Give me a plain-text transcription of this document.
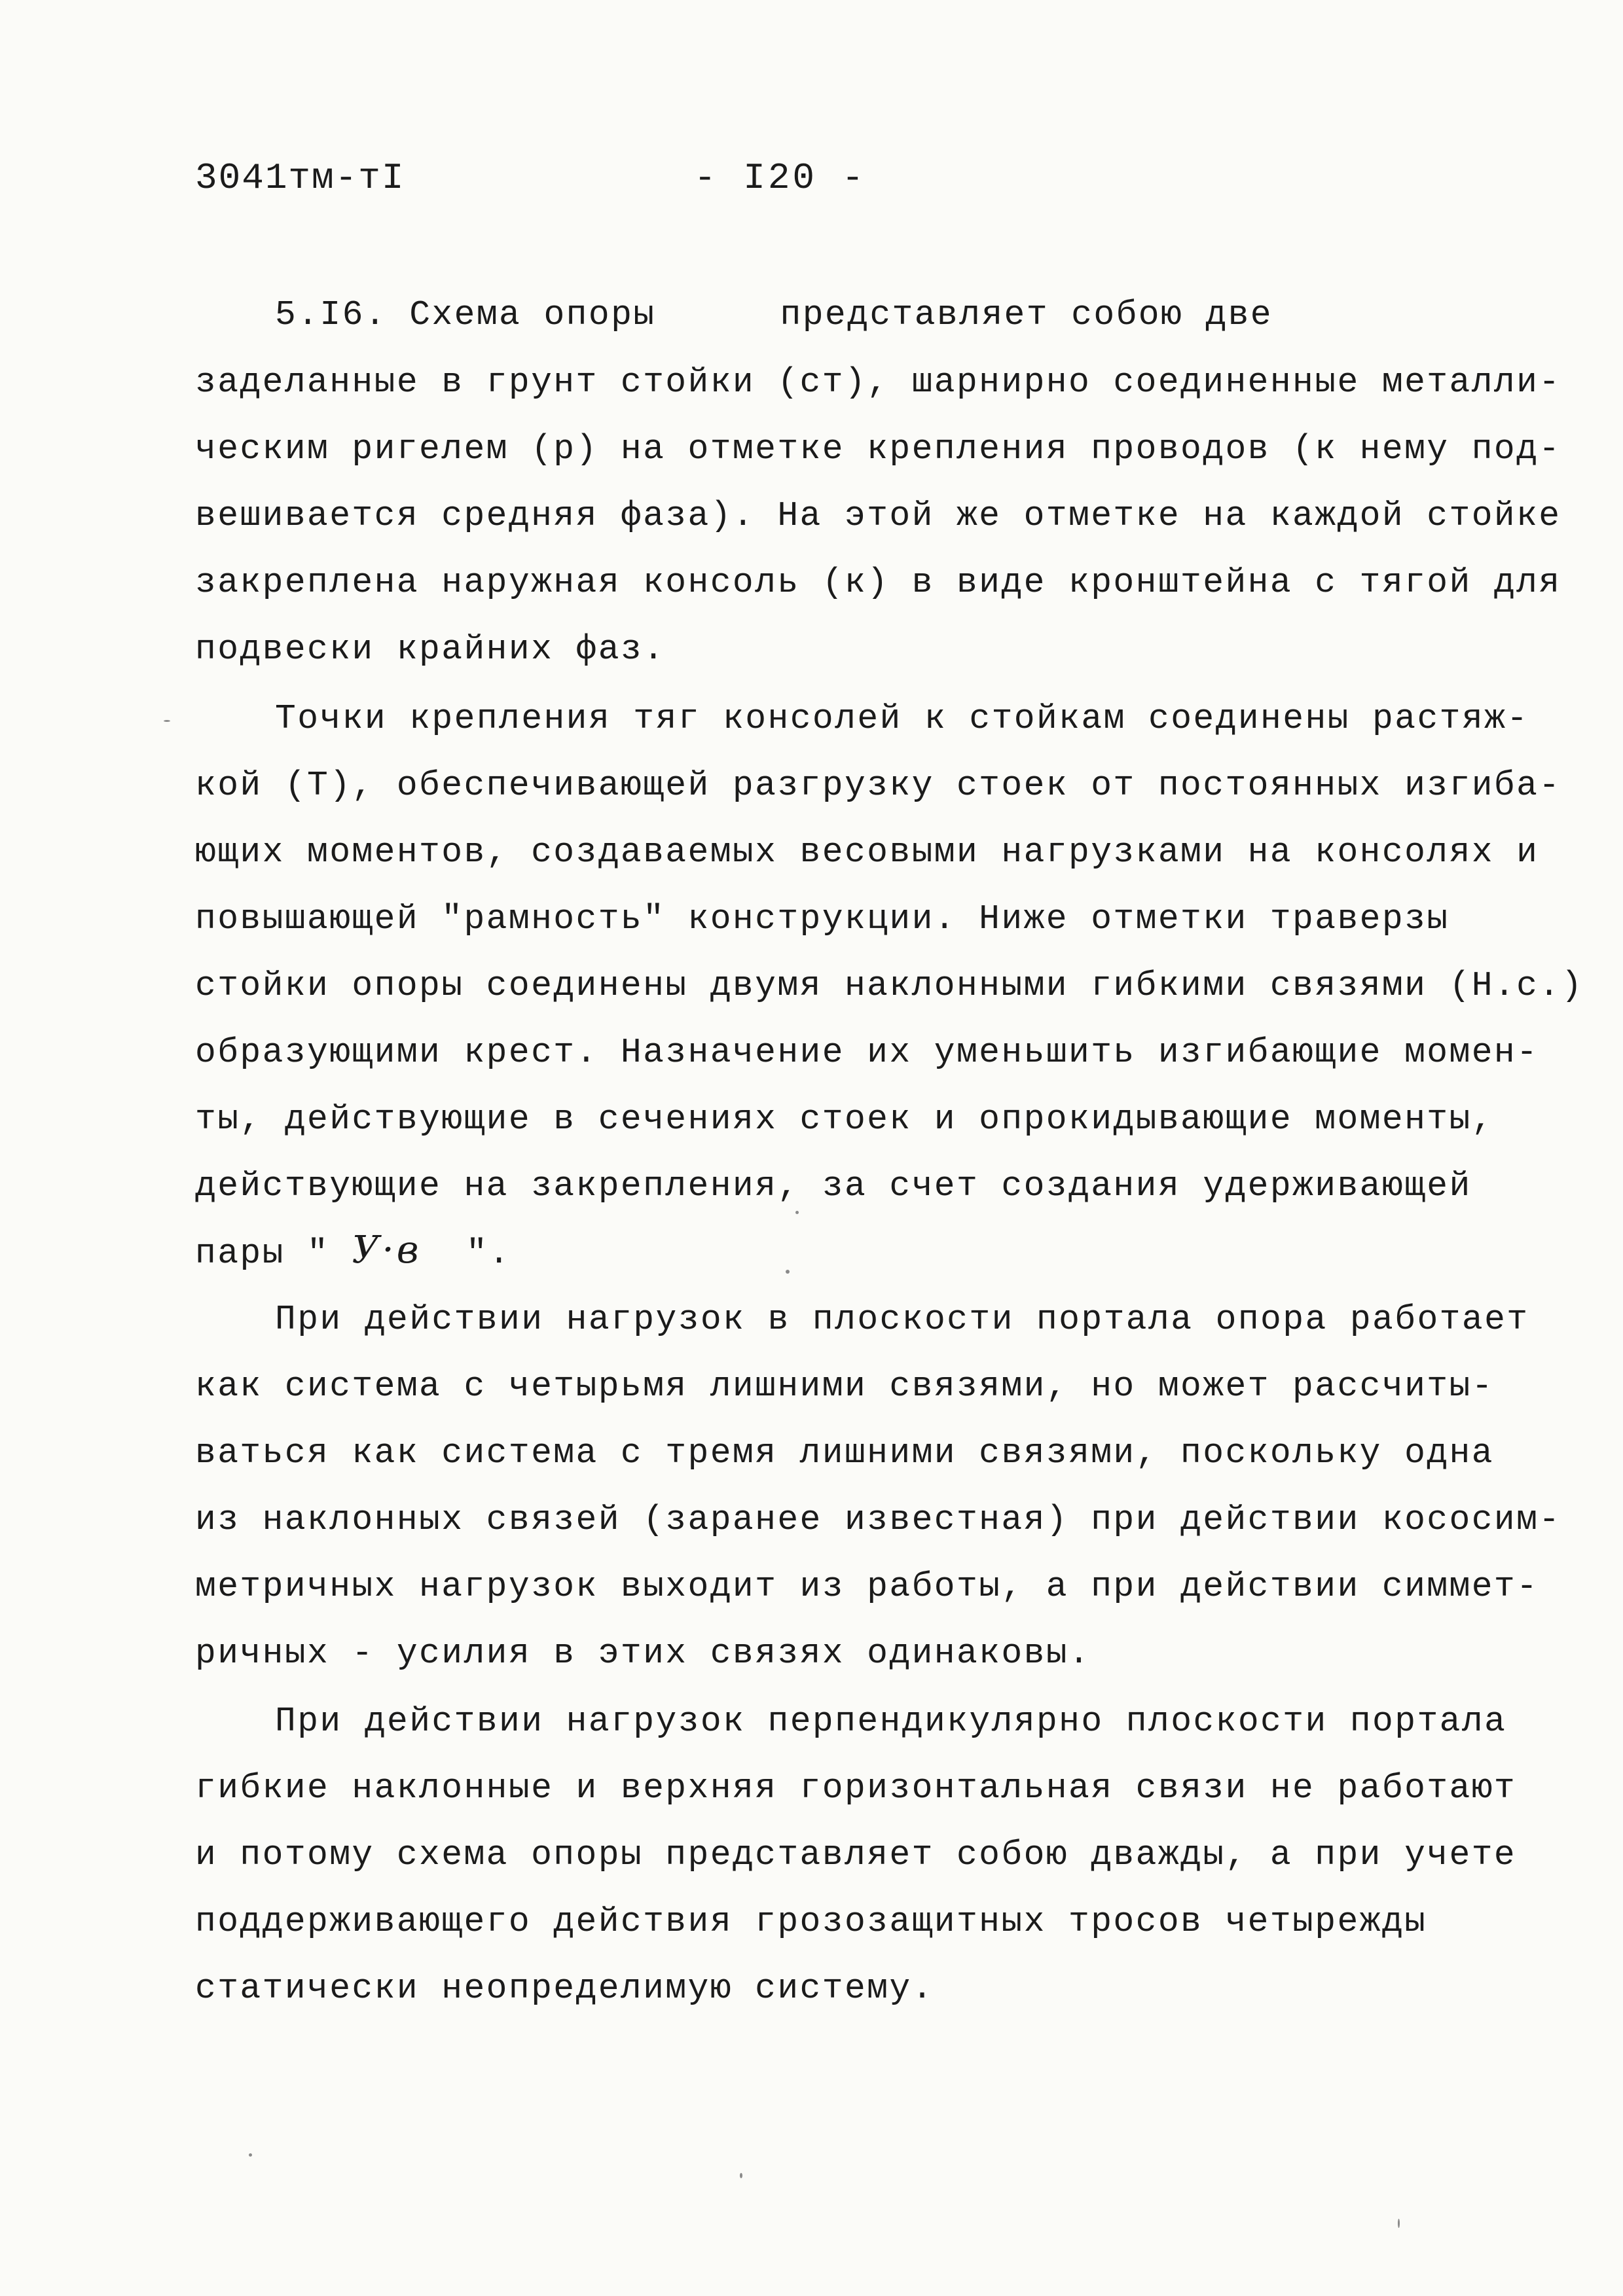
3041тм-тI	- I20 -
5.I6. Схема опоры	представляет собою две
заделанные в грунт стойки (ст), шарнирно соединенные металли-
ческим ригелем (р) на отметке крепления проводов (к нему под-
вешивается средняя фаза). На этой же отметке на каждой стойке
закреплена наружная консоль (к) в виде кронштейна с тягой для
подвески крайних фаз.
Точки крепления тяг консолей к стойкам соединены растяж-
кой (Т), обеспечивающей разгрузку стоек от постоянных изгиба-
ющих моментов, создаваемых весовыми нагрузками на консолях и
повышающей "рамность" конструкции. Ниже отметки траверзы
стойки опоры соединены двумя наклонными гибкими связями (Н.с.)
образующими крест. Назначение их уменьшить изгибающие момен-
ты, действующие в сечениях стоек и опрокидывающие моменты,
действующие на закрепления, за счет создания удерживающей
пары " У·в ".
При действии нагрузок в плоскости портала опора работает
как система с четырьмя лишними связями, но может рассчиты-
ваться как система с тремя лишними связями, поскольку одна
из наклонных связей (заранее известная) при действии кососим-
метричных нагрузок выходит из работы, а при действии симмет-
ричных - усилия в этих связях одинаковы.
При действии нагрузок перпендикулярно плоскости портала
гибкие наклонные и верхняя горизонтальная связи не работают
и потому схема опоры представляет собою дважды, а при учете
поддерживающего действия грозозащитных тросов четырежды
статически неопределимую систему.
